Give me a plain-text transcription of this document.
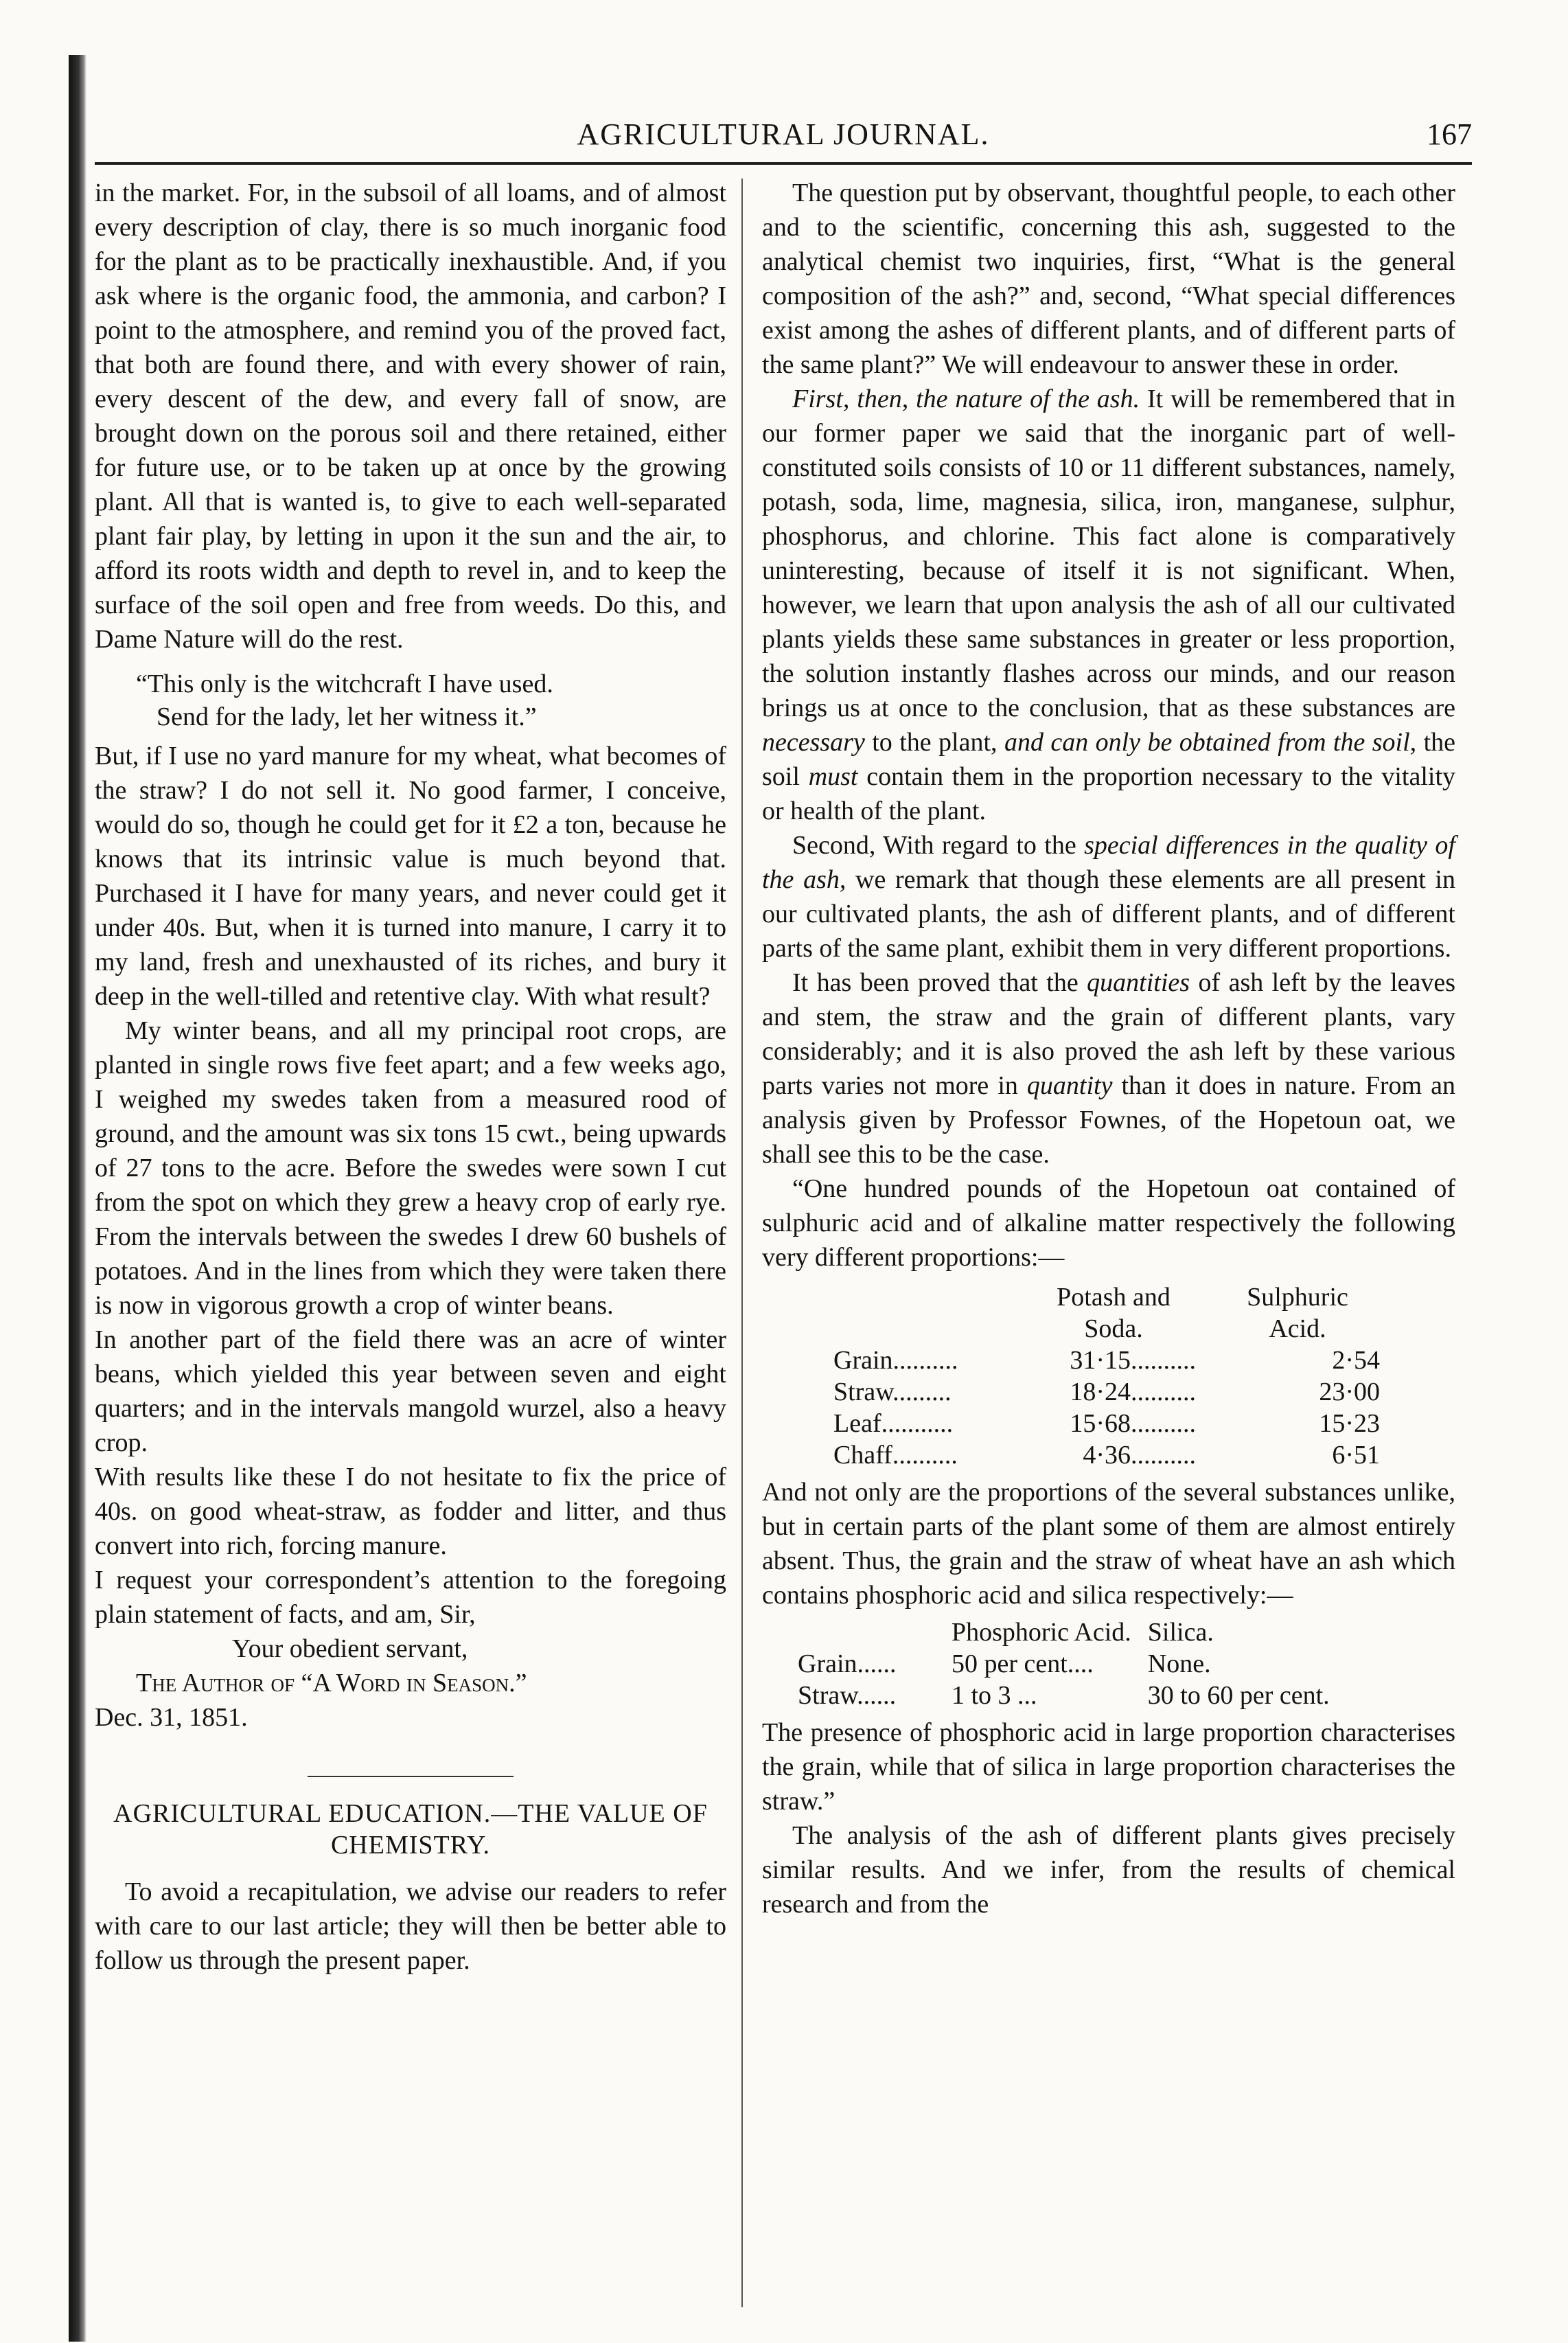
AGRICULTURAL JOURNAL.	167

in the market. For, in the subsoil of all loams, and of almost every description of clay, there is so much inorganic food for the plant as to be practically inexhaustible. And, if you ask where is the organic food, the ammonia, and carbon? I point to the atmosphere, and remind you of the proved fact, that both are found there, and with every shower of rain, every descent of the dew, and every fall of snow, are brought down on the porous soil and there retained, either for future use, or to be taken up at once by the growing plant. All that is wanted is, to give to each well-separated plant fair play, by letting in upon it the sun and the air, to afford its roots width and depth to revel in, and to keep the surface of the soil open and free from weeds. Do this, and Dame Nature will do the rest.

“This only is the witchcraft I have used.
Send for the lady, let her witness it.”

But, if I use no yard manure for my wheat, what becomes of the straw? I do not sell it. No good farmer, I conceive, would do so, though he could get for it £2 a ton, because he knows that its intrinsic value is much beyond that. Purchased it I have for many years, and never could get it under 40s. But, when it is turned into manure, I carry it to my land, fresh and unexhausted of its riches, and bury it deep in the well-tilled and retentive clay. With what result?

My winter beans, and all my principal root crops, are planted in single rows five feet apart; and a few weeks ago, I weighed my swedes taken from a measured rood of ground, and the amount was six tons 15 cwt., being upwards of 27 tons to the acre. Before the swedes were sown I cut from the spot on which they grew a heavy crop of early rye. From the intervals between the swedes I drew 60 bushels of potatoes. And in the lines from which they were taken there is now in vigorous growth a crop of winter beans.

In another part of the field there was an acre of winter beans, which yielded this year between seven and eight quarters; and in the intervals mangold wurzel, also a heavy crop.

With results like these I do not hesitate to fix the price of 40s. on good wheat-straw, as fodder and litter, and thus convert into rich, forcing manure.

I request your correspondent’s attention to the foregoing plain statement of facts, and am, Sir,

Your obedient servant,
The Author of “A Word in Season.”
Dec. 31, 1851.
AGRICULTURAL EDUCATION.—THE VALUE OF CHEMISTRY.

To avoid a recapitulation, we advise our readers to refer with care to our last article; they will then be better able to follow us through the present paper.

The question put by observant, thoughtful people, to each other and to the scientific, concerning this ash, suggested to the analytical chemist two inquiries, first, “What is the general composition of the ash?” and, second, “What special differences exist among the ashes of different plants, and of different parts of the same plant?” We will endeavour to answer these in order.

First, then, the nature of the ash. It will be remembered that in our former paper we said that the inorganic part of well-constituted soils consists of 10 or 11 different substances, namely, potash, soda, lime, magnesia, silica, iron, manganese, sulphur, phosphorus, and chlorine. This fact alone is comparatively uninteresting, because of itself it is not significant. When, however, we learn that upon analysis the ash of all our cultivated plants yields these same substances in greater or less proportion, the solution instantly flashes across our minds, and our reason brings us at once to the conclusion, that as these substances are necessary to the plant, and can only be obtained from the soil, the soil must contain them in the proportion necessary to the vitality or health of the plant.

Second, With regard to the special differences in the quality of the ash, we remark that though these elements are all present in our cultivated plants, the ash of different plants, and of different parts of the same plant, exhibit them in very different proportions.

It has been proved that the quantities of ash left by the leaves and stem, the straw and the grain of different plants, vary considerably; and it is also proved the ash left by these various parts varies not more in quantity than it does in nature. From an analysis given by Professor Fownes, of the Hopetoun oat, we shall see this to be the case.

“One hundred pounds of the Hopetoun oat contained of sulphuric acid and of alkaline matter respectively the following very different proportions:—

	Potash and
Soda.	Sulphuric
Acid.
Grain..........	31·15..........	2·54
Straw.........	18·24..........	23·00
Leaf...........	15·68..........	15·23
Chaff..........	4·36..........	6·51

And not only are the proportions of the several substances unlike, but in certain parts of the plant some of them are almost entirely absent. Thus, the grain and the straw of wheat have an ash which contains phosphoric acid and silica respectively:—

	Phosphoric Acid.	Silica.
Grain......	50 per cent....	None.
Straw......	1 to 3 ...	30 to 60 per cent.

The presence of phosphoric acid in large proportion characterises the grain, while that of silica in large proportion characterises the straw.”

The analysis of the ash of different plants gives precisely similar results. And we infer, from the results of chemical research and from the
